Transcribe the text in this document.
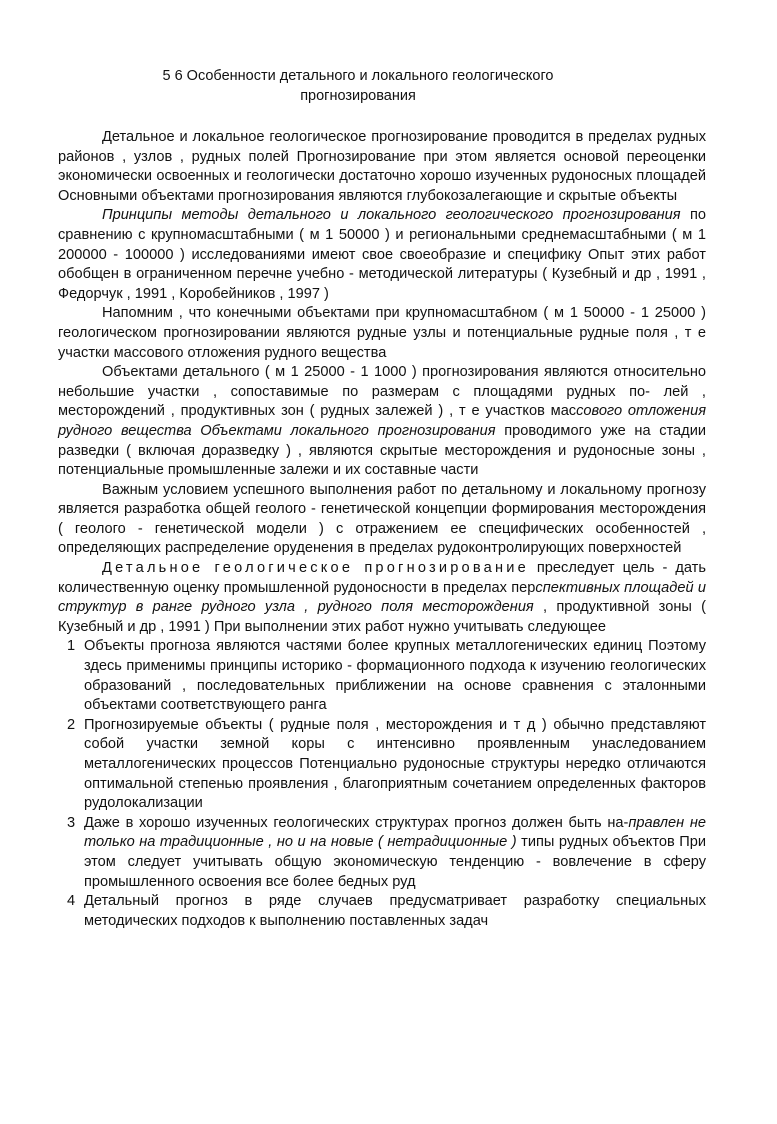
5 6 Особенности детального и локального геологического
прогнозирования

Детальное и локальное геологическое прогнозирование проводится в пределах рудных районов , узлов , рудных полей Прогнозирование при этом является основой переоценки экономически освоенных и геологически достаточно хорошо изученных рудоносных площадей Основными объектами прогнозирования являются глубокозалегающие и скрытые объекты

Принципы методы детального и локального геологического прогнозирования по сравнению с крупномасштабными ( м 1 50000 ) и региональными среднемасштабными ( м 1 200000 - 100000 ) исследованиями имеют свое своеобразие и специфику Опыт этих работ обобщен в ограниченном перечне учебно - методической литературы ( Кузебный и др , 1991 , Федорчук , 1991 , Коробейников , 1997 )

Напомним , что конечными объектами при крупномасштабном ( м 1 50000 - 1 25000 ) геологическом прогнозировании являются рудные узлы и потенциальные рудные поля , т е участки массового отложения рудного вещества

Объектами детального ( м 1 25000 - 1 1000 ) прогнозирования являются относительно небольшие участки , сопоставимые по размерам с площадями рудных по- лей , месторождений , продуктивных зон ( рудных залежей ) , т е участков массового отложения рудного вещества Объектами локального прогнозирования проводимого уже на стадии разведки ( включая доразведку ) , являются скрытые месторождения и рудоносные зоны , потенциальные промышленные залежи и их составные части

Важным условием успешного выполнения работ по детальному и локальному прогнозу является разработка общей геолого - генетической концепции формирования месторождения ( геолого - генетической модели ) с отражением ее специфических особенностей , определяющих распределение оруденения в пределах рудоконтролирующих поверхностей

Детальное геологическое прогнозирование преследует цель - дать количественную оценку промышленной рудоносности в пределах перспективных площадей и структур в ранге рудного узла , рудного поля месторождения , продуктивной зоны ( Кузебный и др , 1991 ) При выполнении этих работ нужно учитывать следующее

1 Объекты прогноза являются частями более крупных металлогенических единиц Поэтому здесь применимы принципы историко - формационного подхода к изучению геологических образований , последовательных приближении на основе сравнения с эталонными объектами соответствующего ранга
2 Прогнозируемые объекты ( рудные поля , месторождения и т д ) обычно представляют собой участки земной коры с интенсивно проявленным унаследованием металлогенических процессов Потенциально рудоносные структуры нередко отличаются оптимальной степенью проявления , благоприятным сочетанием определенных факторов рудолокализации
3 Даже в хорошо изученных геологических структурах прогноз должен быть на-правлен не только на традиционные , но и на новые ( нетрадиционные ) типы рудных объектов При этом следует учитывать общую экономическую тенденцию - вовлечение в сферу промышленного освоения все более бедных руд
4 Детальный прогноз в ряде случаев предусматривает разработку специальных методических подходов к выполнению поставленных задач
